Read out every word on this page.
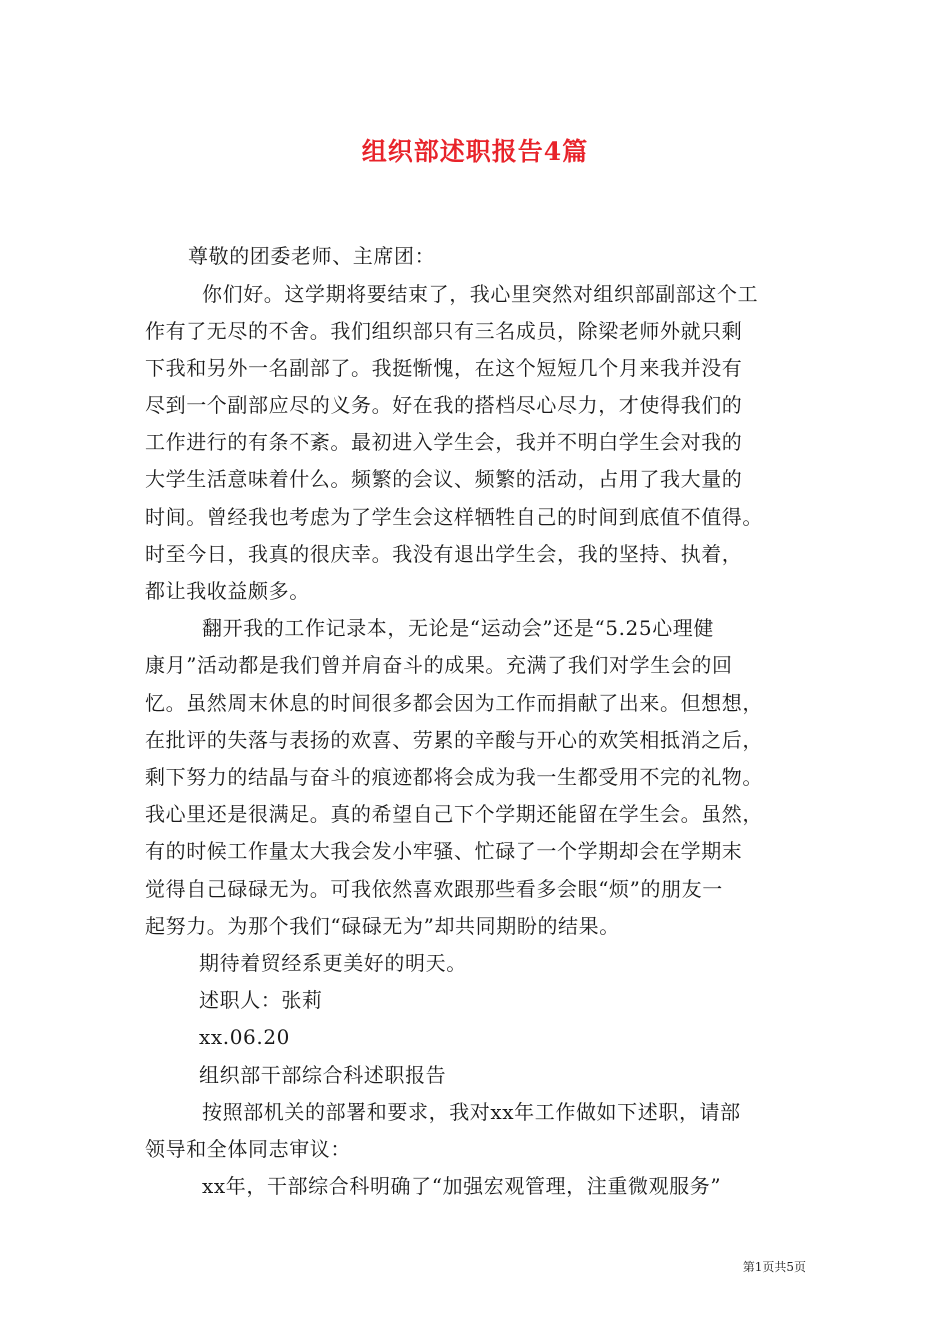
组织部述职报告4篇
尊敬的团委老师、主席团：
你们好。这学期将要结束了，我心里突然对组织部副部这个工
作有了无尽的不舍。我们组织部只有三名成员，除梁老师外就只剩
下我和另外一名副部了。我挺惭愧，在这个短短几个月来我并没有
尽到一个副部应尽的义务。好在我的搭档尽心尽力，才使得我们的
工作进行的有条不紊。最初进入学生会，我并不明白学生会对我的
大学生活意味着什么。频繁的会议、频繁的活动，占用了我大量的
时间。曾经我也考虑为了学生会这样牺牲自己的时间到底值不值得。
时至今日，我真的很庆幸。我没有退出学生会，我的坚持、执着，
都让我收益颇多。
翻开我的工作记录本，无论是“运动会”还是“5.25心理健
康月”活动都是我们曾并肩奋斗的成果。充满了我们对学生会的回
忆。虽然周末休息的时间很多都会因为工作而捐献了出来。但想想，
在批评的失落与表扬的欢喜、劳累的辛酸与开心的欢笑相抵消之后，
剩下努力的结晶与奋斗的痕迹都将会成为我一生都受用不完的礼物。
我心里还是很满足。真的希望自己下个学期还能留在学生会。虽然，
有的时候工作量太大我会发小牢骚、忙碌了一个学期却会在学期末
觉得自己碌碌无为。可我依然喜欢跟那些看多会眼“烦”的朋友一
起努力。为那个我们“碌碌无为”却共同期盼的结果。
期待着贸经系更美好的明天。
述职人：张莉
xx.06.20
组织部干部综合科述职报告
按照部机关的部署和要求，我对xx年工作做如下述职，请部
领导和全体同志审议：
xx年，干部综合科明确了“加强宏观管理，注重微观服务”
第1页共5页
